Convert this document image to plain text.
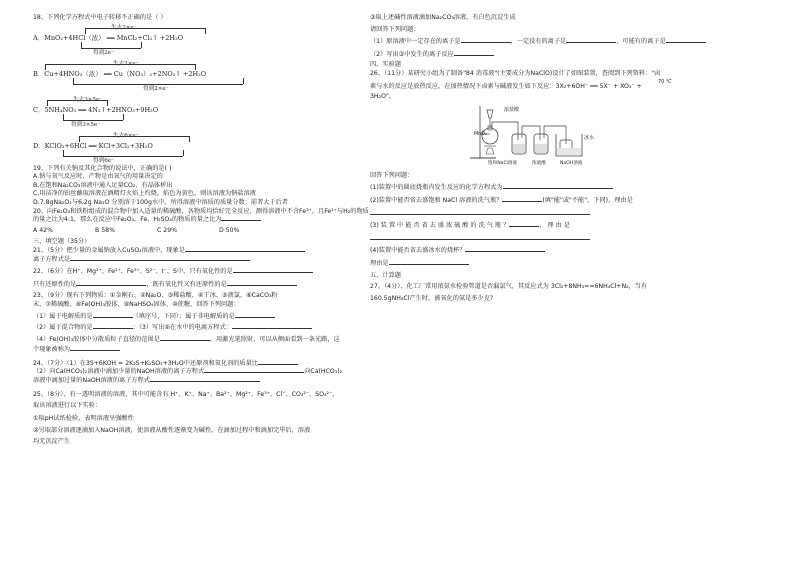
18、下列化学方程式中电子转移不正确的是（ ）
失去2×e⁻
A．MnO₂+4HCl（浓） ══ MnCl₂+Cl₂↑ +2H₂O
得到2e⁻
失去2×e⁻
B．Cu+4HNO₃（浓） ══ Cu（NO₃）₂+2NO₂↑ +2H₂O
得到2×e⁻
失去3×5e⁻
C．5NH₄NO₃ ══ 4N₂↑+2HNO₃+9H₂O
得到3×5e⁻
失去6×e⁻
D．KClO₃+6HCl ══ KCl+3Cl₂+3H₂O
得到6e⁻
19、下列有关钠及其化合物的说法中，正确的是( )
A.钠与氧气反应时，产物是由氧气的用量决定的
B.在饱和Na₂CO₃溶液中通入足量CO₂，有晶体析出
C.用洁净的铂丝蘸取溶液在酒精灯火焰上灼烧，焰色为黄色，则该溶液为钠盐溶液
D.7.8gNa₂O₂与6.2g Na₂O 分别溶于100g水中，所得溶液中溶质的质量分数：前者大于后者
20、向Fe₂O₃和铁粉组成的混合物中加入适量的稀硫酸，各物质均恰好完全反应，测得溶液中不含Fe³⁺，且Fe²⁺与H₂的物质
的量之比为4:1，那么在反应中Fe₂O₃、Fe、H₂SO₄的物质的量之比为
A 42%	B 58%	C 29%	D 50%
三、填空题（35分）
21、（5分）把少量的金属钠放入CuSO₄溶液中，现象是
离子方程式是
22、（6分）在H⁺、Mg²⁺、Fe²⁺、Fe³⁺、S²⁻、I⁻、S中，只有氧化性的是
只有还原性的是	，既有氧化性又有还原性的是
23、（9分）现有下列物质：①金刚石、②Na₂O、③稀盐酸、④干冰、⑤液氯、⑥CaCO₃粉
末、⑦稀硫酸、⑧Fe(OH)₃胶体、⑨NaHSO₄固体、⑩蔗糖，回答下列问题：
（1）属于电解质的是	（填序号，下同）；属于非电解质的是
（2）属于混合物的是	；（3）写出⑨在水中的电离方程式：
（4）Fe(OH)₃胶体中分散质粒子直径的范围是	，用激光笔照射，可以从侧面看到一条光路，这
个现象被称为
24、（7分）（1）在3S+6KOH = 2K₂S+K₂SO₃+3H₂O中还原剂和氧化剂的质量比
（2）向Ca(HCO₃)₂溶液中滴加少量的NaOH溶液的离子方程式	向Ca(HCO₃)₂
溶液中滴加过量的NaOH溶液的离子方程式
25、（8分）、有一透明溶液的溶液，其中可能含有 H⁺、K⁺、Na⁺、Ba²⁺、Mg²⁺、Fe³⁺、Cl⁻、CO₃²⁻、SO₄²⁻，
取该溶液进行以下实验：
①取pH试纸检验，表明溶液呈强酸性
②另取部分溶液逐滴加入NaOH溶液，使溶液从酸性逐渐变为碱性，在滴加过程中和滴加完毕后，溶液
均无沉淀产生
③取上述碱性溶液滴加Na₂CO₃溶液，有白色沉淀生成
请回答下列问题：
（1）原溶液中一定存在的离子是	，一定没有的离子是	，可能有的离子是
（2）写出③中发生的离子反应
四、实验题
26、（11分）某研究小组为了制备"84 消毒液"(主要成分为NaClO)设计了如图装置，查阅到下列资料："卤
素与水的反应是放热反应，在加热情况下卤素与碱液发生如下反应：3X₂+6OH⁻ ══ 5X⁻ + XO₃⁻ +
70 ℃
3H₂O"。
浓盐酸
MnO₂
冰水
饱和NaCl溶液	浓硫酸	NaOH溶液
回答下列问题：
(1)装置中的圆底烧瓶内发生反应的化学方程式为
(2)装置中能否省去盛饱和 NaCl 溶液的洗气瓶？	(填"能"或"不能"，下同)，理由是
(3) 装 置 中 能 否 省 去 盛 浓 硫 酸 的 洗 气 瓶 ？	， 理 由 是
(4)装置中能否省去盛冰水的烧杯？
理由是
五、计算题
27、（4分）、化工厂常用浓氨水检验管道是否漏氯气，其反应式为 3Cl₂+8NH₃==6NH₄Cl+N₂，当有
160.5gNH₄Cl产生时，被氧化的氨是多少克?
